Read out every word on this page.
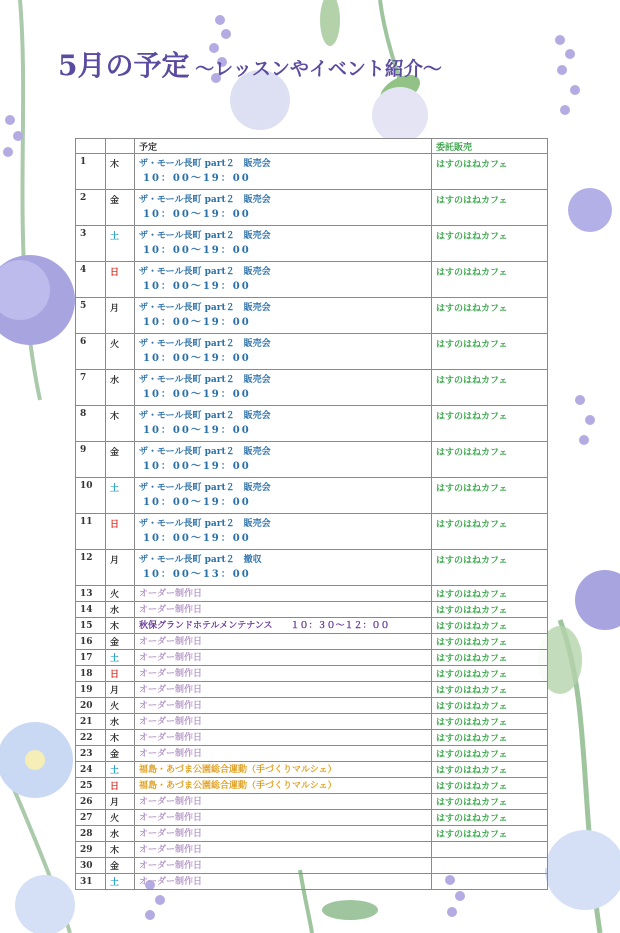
5月の予定 〜レッスンやイベント紹介〜
		予定	委託販売
1	木	ザ・モール長町 part２　販売会
10：00〜19：00	はすのはねカフェ
2	金	ザ・モール長町 part２　販売会
10：00〜19：00	はすのはねカフェ
3	土	ザ・モール長町 part２　販売会
10：00〜19：00	はすのはねカフェ
4	日	ザ・モール長町 part２　販売会
10：00〜19：00	はすのはねカフェ
5	月	ザ・モール長町 part２　販売会
10：00〜19：00	はすのはねカフェ
6	火	ザ・モール長町 part２　販売会
10：00〜19：00	はすのはねカフェ
7	水	ザ・モール長町 part２　販売会
10：00〜19：00	はすのはねカフェ
8	木	ザ・モール長町 part２　販売会
10：00〜19：00	はすのはねカフェ
9	金	ザ・モール長町 part２　販売会
10：00〜19：00	はすのはねカフェ
10	土	ザ・モール長町 part２　販売会
10：00〜19：00	はすのはねカフェ
11	日	ザ・モール長町 part２　販売会
10：00〜19：00	はすのはねカフェ
12	月	ザ・モール長町 part２　撤収
10：00〜13：00	はすのはねカフェ
13	火	オーダー制作日	はすのはねカフェ
14	水	オーダー制作日	はすのはねカフェ
15	木	秋保グランドホテルメンテナンス　　１０：３０〜１２：００	はすのはねカフェ
16	金	オーダー制作日	はすのはねカフェ
17	土	オーダー制作日	はすのはねカフェ
18	日	オーダー制作日	はすのはねカフェ
19	月	オーダー制作日	はすのはねカフェ
20	火	オーダー制作日	はすのはねカフェ
21	水	オーダー制作日	はすのはねカフェ
22	木	オーダー制作日	はすのはねカフェ
23	金	オーダー制作日	はすのはねカフェ
24	土	福島・あづま公園総合運動（手づくりマルシェ）	はすのはねカフェ
25	日	福島・あづま公園総合運動（手づくりマルシェ）	はすのはねカフェ
26	月	オーダー制作日	はすのはねカフェ
27	火	オーダー制作日	はすのはねカフェ
28	水	オーダー制作日	はすのはねカフェ
29	木	オーダー制作日	

30	金	オーダー制作日	

31	土	オーダー制作日	
